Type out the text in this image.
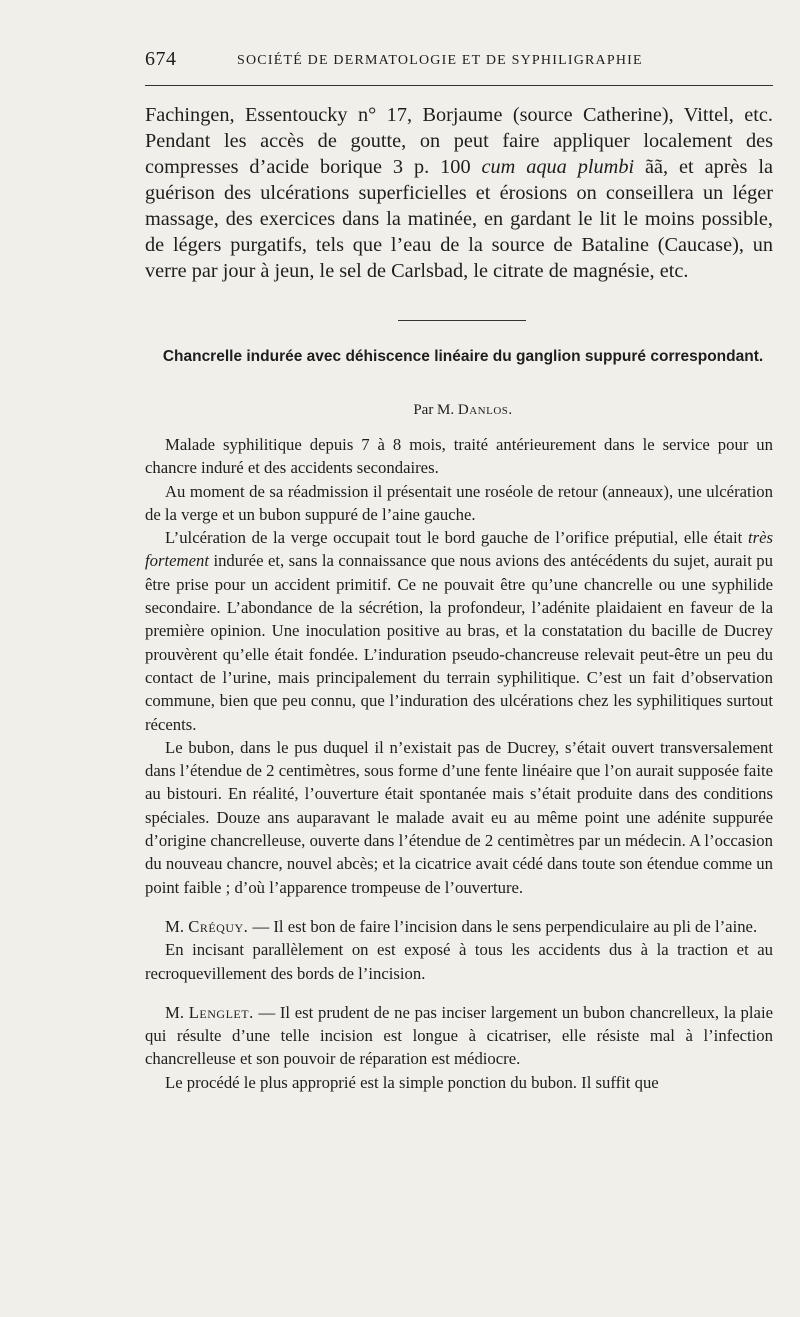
674	SOCIÉTÉ DE DERMATOLOGIE ET DE SYPHILIGRAPHIE

Fachingen, Essentoucky n° 17, Borjaume (source Catherine), Vittel, etc. Pendant les accès de goutte, on peut faire appliquer localement des compresses d’acide borique 3 p. 100 cum aqua plumbi ãã, et après la guérison des ulcérations superficielles et érosions on conseillera un léger massage, des exercices dans la matinée, en gardant le lit le moins possible, de légers purgatifs, tels que l’eau de la source de Bataline (Caucase), un verre par jour à jeun, le sel de Carlsbad, le citrate de magnésie, etc.

Chancrelle indurée avec déhiscence linéaire du ganglion suppuré correspondant.

Par M. Danlos.

Malade syphilitique depuis 7 à 8 mois, traité antérieurement dans le service pour un chancre induré et des accidents secondaires.

Au moment de sa réadmission il présentait une roséole de retour (anneaux), une ulcération de la verge et un bubon suppuré de l’aine gauche.

L’ulcération de la verge occupait tout le bord gauche de l’orifice préputial, elle était très fortement indurée et, sans la connaissance que nous avions des antécédents du sujet, aurait pu être prise pour un accident primitif. Ce ne pouvait être qu’une chancrelle ou une syphilide secondaire. L’abondance de la sécrétion, la profondeur, l’adénite plaidaient en faveur de la première opinion. Une inoculation positive au bras, et la constatation du bacille de Ducrey prouvèrent qu’elle était fondée. L’induration pseudo-chancreuse relevait peut-être un peu du contact de l’urine, mais principalement du terrain syphilitique. C’est un fait d’observation commune, bien que peu connu, que l’induration des ulcérations chez les syphilitiques surtout récents.

Le bubon, dans le pus duquel il n’existait pas de Ducrey, s’était ouvert transversalement dans l’étendue de 2 centimètres, sous forme d’une fente linéaire que l’on aurait supposée faite au bistouri. En réalité, l’ouverture était spontanée mais s’était produite dans des conditions spéciales. Douze ans auparavant le malade avait eu au même point une adénite suppurée d’origine chancrelleuse, ouverte dans l’étendue de 2 centimètres par un médecin. A l’occasion du nouveau chancre, nouvel abcès; et la cicatrice avait cédé dans toute son étendue comme un point faible ; d’où l’apparence trompeuse de l’ouverture.

M. Créquy. — Il est bon de faire l’incision dans le sens perpendiculaire au pli de l’aine.

En incisant parallèlement on est exposé à tous les accidents dus à la traction et au recroquevillement des bords de l’incision.

M. Lenglet. — Il est prudent de ne pas inciser largement un bubon chancrelleux, la plaie qui résulte d’une telle incision est longue à cicatriser, elle résiste mal à l’infection chancrelleuse et son pouvoir de réparation est médiocre.

Le procédé le plus approprié est la simple ponction du bubon. Il suffit que
